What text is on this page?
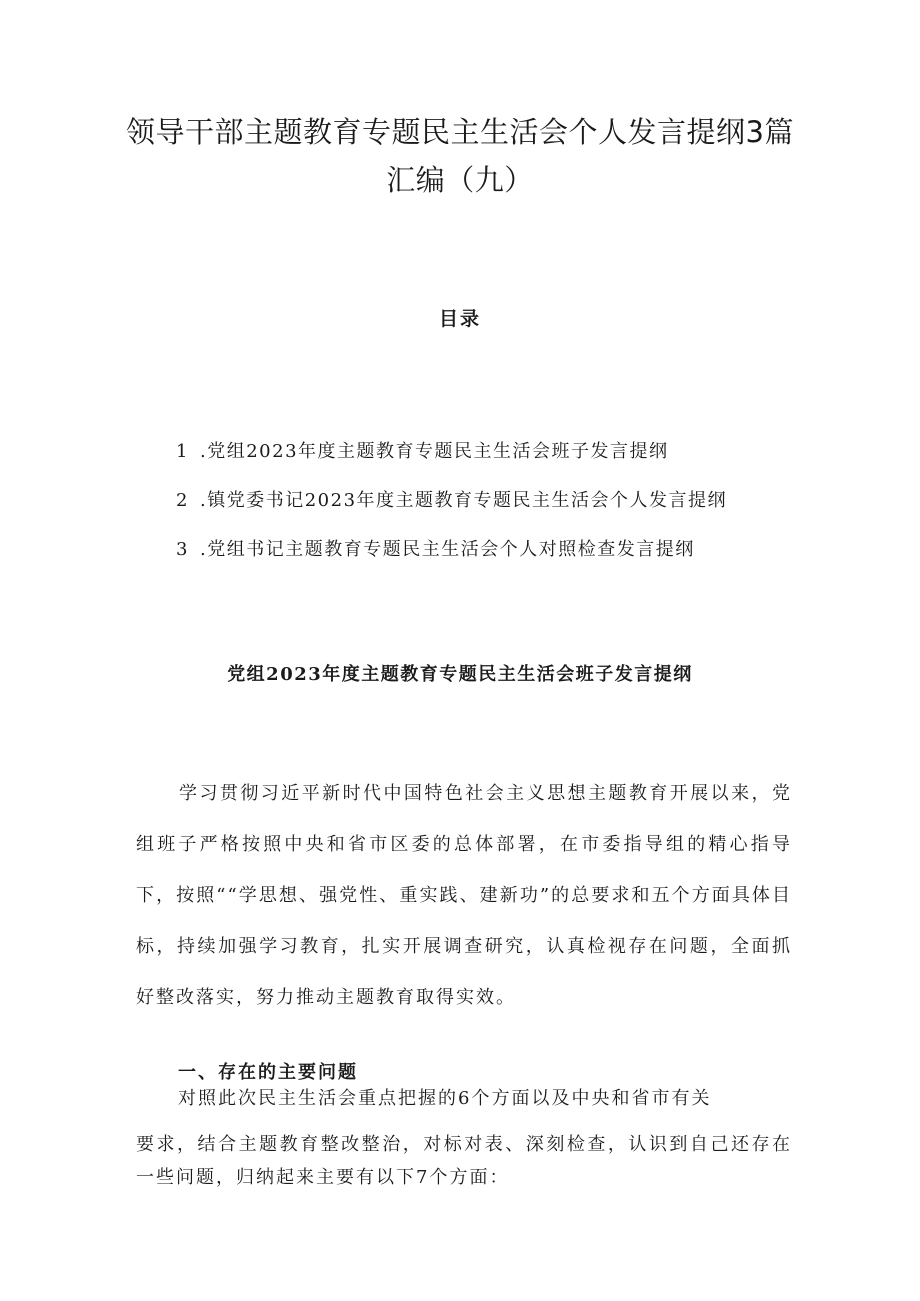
领导干部主题教育专题民主生活会个人发言提纲3篇
汇编（九）
目录
1 .党组2023年度主题教育专题民主生活会班子发言提纲
2 .镇党委书记2023年度主题教育专题民主生活会个人发言提纲
3 .党组书记主题教育专题民主生活会个人对照检查发言提纲
党组2023年度主题教育专题民主生活会班子发言提纲
学习贯彻习近平新时代中国特色社会主义思想主题教育开展以来，党组班子严格按照中央和省市区委的总体部署，在市委指导组的精心指导下，按照““学思想、强党性、重实践、建新功”的总要求和五个方面具体目标，持续加强学习教育，扎实开展调查研究，认真检视存在问题，全面抓好整改落实，努力推动主题教育取得实效。
一、存在的主要问题
对照此次民主生活会重点把握的6个方面以及中央和省市有关
要求，结合主题教育整改整治，对标对表、深刻检查，认识到自己还存在一些问题，归纳起来主要有以下7个方面：
